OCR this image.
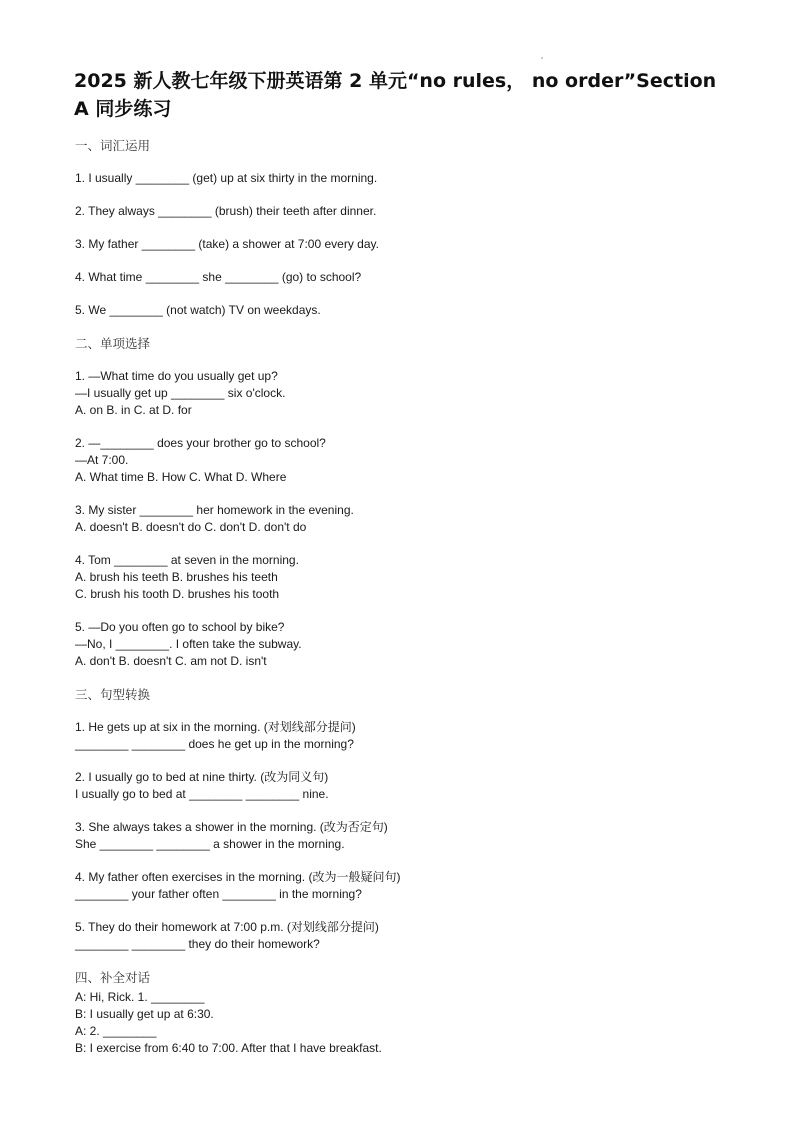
2025 新人教七年级下册英语第 2 单元“no rules， no order”Section
A 同步练习
一、词汇运用

1. I usually ________ (get) up at six thirty in the morning.

2. They always ________ (brush) their teeth after dinner.

3. My father ________ (take) a shower at 7:00 every day.

4. What time ________ she ________ (go) to school?

5. We ________ (not watch) TV on weekdays.

二、单项选择

1. —What time do you usually get up?

—I usually get up ________ six o'clock.

A. on B. in C. at D. for

2. —________ does your brother go to school?

—At 7:00.

A. What time B. How C. What D. Where

3. My sister ________ her homework in the evening.

A. doesn't B. doesn't do C. don't D. don't do

4. Tom ________ at seven in the morning.

A. brush his teeth B. brushes his teeth

C. brush his tooth D. brushes his tooth

5. —Do you often go to school by bike?

—No, I ________. I often take the subway.

A. don't B. doesn't C. am not D. isn't

三、句型转换

1. He gets up at six in the morning. (对划线部分提问)

________ ________ does he get up in the morning?

2. I usually go to bed at nine thirty. (改为同义句)

I usually go to bed at ________ ________ nine.

3. She always takes a shower in the morning. (改为否定句)

She ________ ________ a shower in the morning.

4. My father often exercises in the morning. (改为一般疑问句)

________ your father often ________ in the morning?

5. They do their homework at 7:00 p.m. (对划线部分提问)

________ ________ they do their homework?

四、补全对话

A: Hi, Rick. 1. ________

B: I usually get up at 6:30.

A: 2. ________

B: I exercise from 6:40 to 7:00. After that I have breakfast.
